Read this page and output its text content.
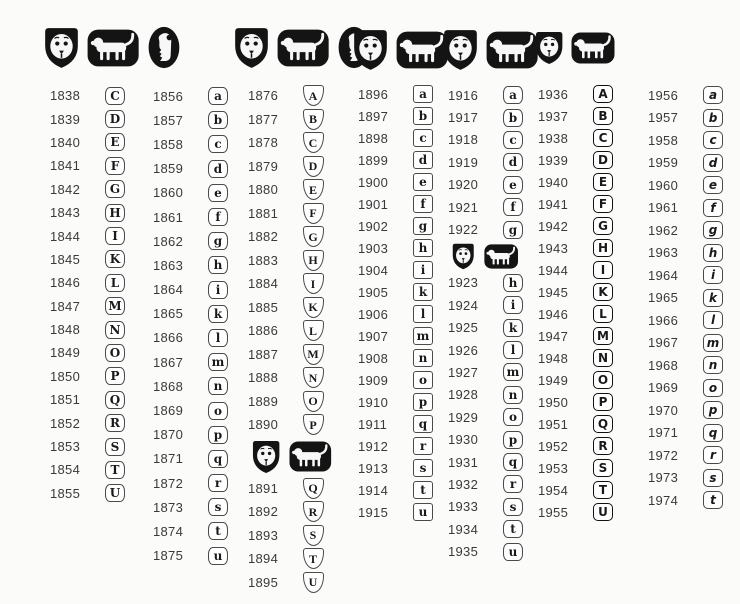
1838	C
1839	D
1840	E
1841	F
1842	G
1843	H
1844	I
1845	K
1846	L
1847	M
1848	N
1849	O
1850	P
1851	Q
1852	R
1853	S
1854	T
1855	U
1856	a
1857	b
1858	c
1859	d
1860	e
1861	f
1862	g
1863	h
1864	i
1865	k
1866	l
1867	m
1868	n
1869	o
1870	p
1871	q
1872	r
1873	s
1874	t
1875	u
1876	A
1877	B
1878	C
1879	D
1880	E
1881	F
1882	G
1883	H
1884	I
1885	K
1886	L
1887	M
1888	N
1889	O
1890	P
1891	Q
1892	R
1893	S
1894	T
1895	U
1896	a
1897	b
1898	c
1899	d
1900	e
1901	f
1902	g
1903	h
1904	i
1905	k
1906	l
1907	m
1908	n
1909	o
1910	p
1911	q
1912	r
1913	s
1914	t
1915	u
1916	a
1917	b
1918	c
1919	d
1920	e
1921	f
1922	g
1923	h
1924	i
1925	k
1926	l
1927	m
1928	n
1929	o
1930	p
1931	q
1932	r
1933	s
1934	t
1935	u
1936	A
1937	B
1938	C
1939	D
1940	E
1941	F
1942	G
1943	H
1944	I
1945	K
1946	L
1947	M
1948	N
1949	O
1950	P
1951	Q
1952	R
1953	S
1954	T
1955	U
1956	a
1957	b
1958	c
1959	d
1960	e
1961	f
1962	g
1963	h
1964	i
1965	k
1966	l
1967	m
1968	n
1969	o
1970	p
1971	q
1972	r
1973	s
1974	t
